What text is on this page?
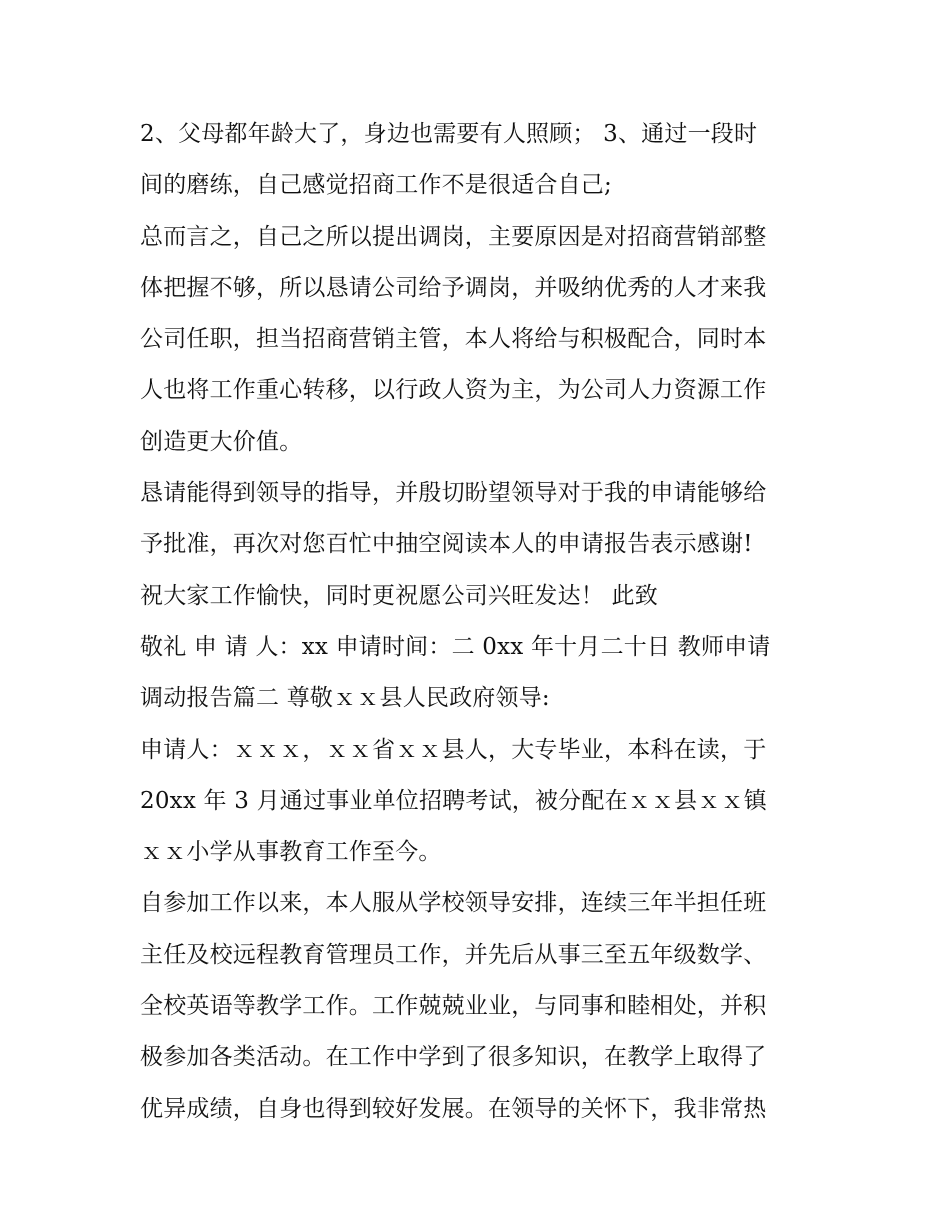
2、父母都年龄大了，身边也需要有人照顾； 3、通过一段时
间的磨练，自己感觉招商工作不是很适合自己;
总而言之，自己之所以提出调岗，主要原因是对招商营销部整
体把握不够，所以恳请公司给予调岗，并吸纳优秀的人才来我
公司任职，担当招商营销主管，本人将给与积极配合，同时本
人也将工作重心转移，以行政人资为主，为公司人力资源工作
创造更大价值。
恳请能得到领导的指导，并殷切盼望领导对于我的申请能够给
予批准，再次对您百忙中抽空阅读本人的申请报告表示感谢!
祝大家工作愉快，同时更祝愿公司兴旺发达！ 此致
敬礼 申 请 人：xx 申请时间：二 0xx 年十月二十日 教师申请
调动报告篇二 尊敬ｘｘ县人民政府领导:
申请人：ｘｘｘ，ｘｘ省ｘｘ县人，大专毕业，本科在读，于
20xx 年 3 月通过事业单位招聘考试，被分配在ｘｘ县ｘｘ镇
ｘｘ小学从事教育工作至今。
自参加工作以来，本人服从学校领导安排，连续三年半担任班
主任及校远程教育管理员工作，并先后从事三至五年级数学、
全校英语等教学工作。工作兢兢业业，与同事和睦相处，并积
极参加各类活动。在工作中学到了很多知识，在教学上取得了
优异成绩，自身也得到较好发展。在领导的关怀下，我非常热
